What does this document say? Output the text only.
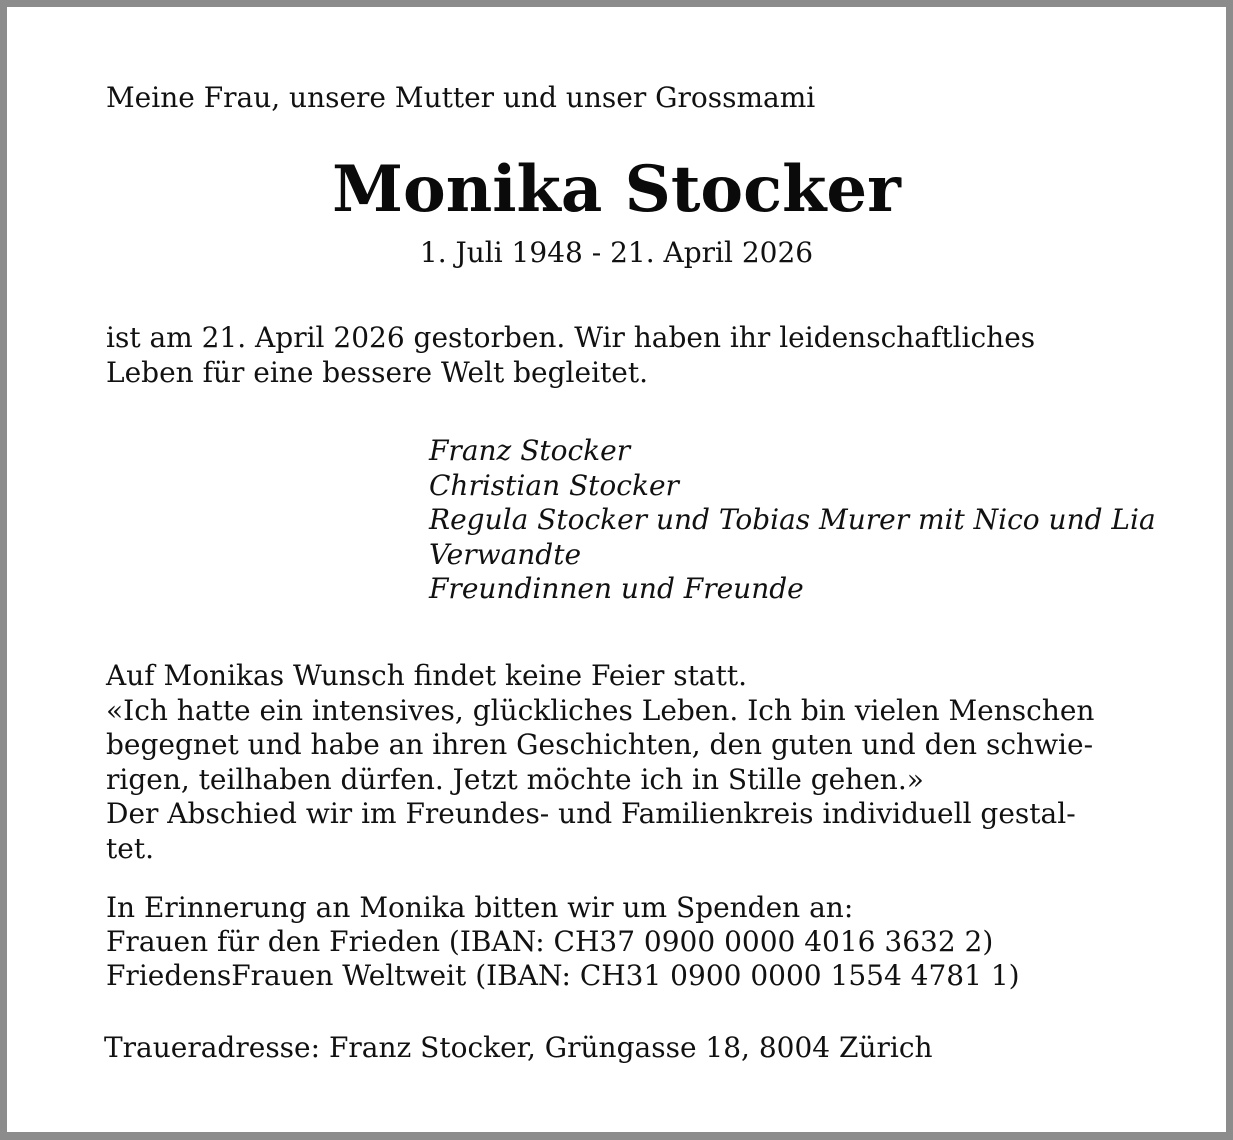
Meine Frau, unsere Mutter und unser Grossmami

Monika Stocker

1. Juli 1948 - 21. April 2026

ist am 21. April 2026 gestorben. Wir haben ihr leidenschaftliches
Leben für eine bessere Welt begleitet.

Franz Stocker
Christian Stocker
Regula Stocker und Tobias Murer mit Nico und Lia
Verwandte
Freundinnen und Freunde

Auf Monikas Wunsch findet keine Feier statt.
«Ich hatte ein intensives, glückliches Leben. Ich bin vielen Menschen
begegnet und habe an ihren Geschichten, den guten und den schwie-
rigen, teilhaben dürfen. Jetzt möchte ich in Stille gehen.»
Der Abschied wir im Freundes- und Familienkreis individuell gestal-
tet.

In Erinnerung an Monika bitten wir um Spenden an:
Frauen für den Frieden (IBAN: CH37 0900 0000 4016 3632 2)
FriedensFrauen Weltweit (IBAN: CH31 0900 0000 1554 4781 1)

Traueradresse: Franz Stocker, Grüngasse 18, 8004 Zürich
